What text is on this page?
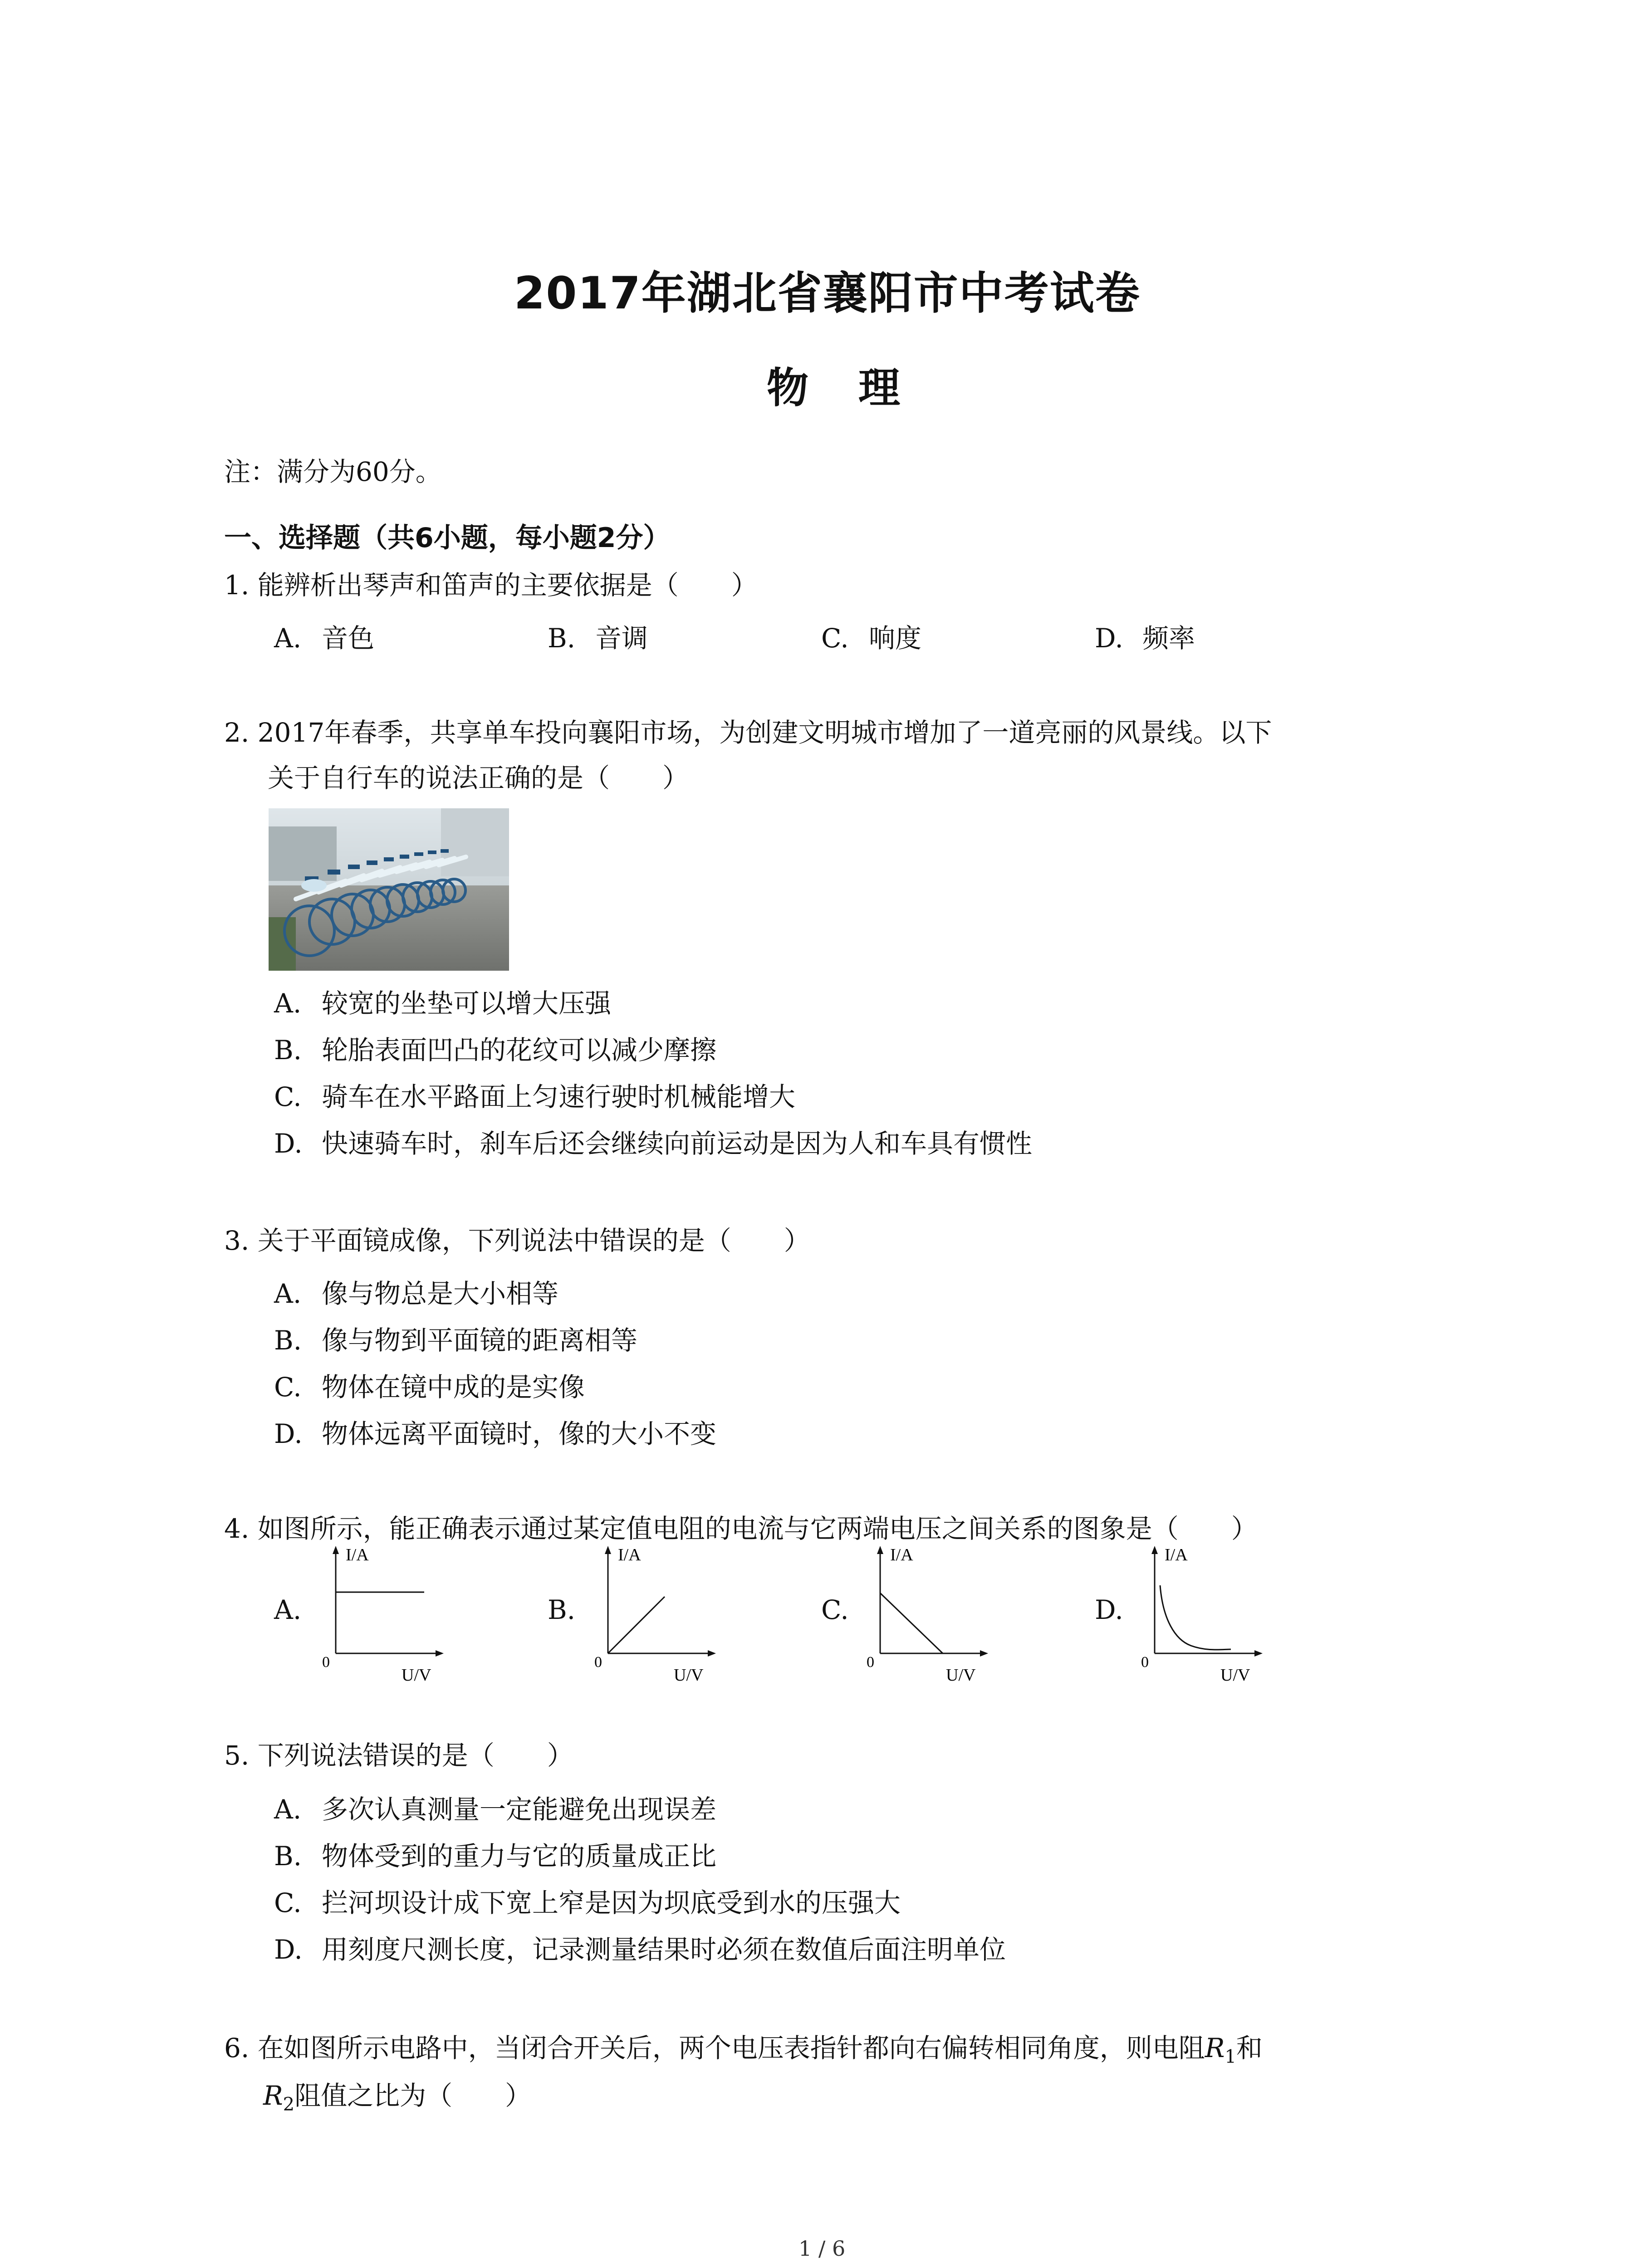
2017年湖北省襄阳市中考试卷
物理
注：满分为60分。
一、选择题（共6小题，每小题2分）
1. 能辨析出琴声和笛声的主要依据是（　　）
A. 音色	B. 音调	C. 响度	D. 频率
2. 2017年春季，共享单车投向襄阳市场，为创建文明城市增加了一道亮丽的风景线。以下
关于自行车的说法正确的是（　　）
A. 较宽的坐垫可以增大压强
B. 轮胎表面凹凸的花纹可以减少摩擦
C. 骑车在水平路面上匀速行驶时机械能增大
D. 快速骑车时，刹车后还会继续向前运动是因为人和车具有惯性
3. 关于平面镜成像，下列说法中错误的是（　　）
A. 像与物总是大小相等
B. 像与物到平面镜的距离相等
C. 物体在镜中成的是实像
D. 物体远离平面镜时，像的大小不变
4. 如图所示，能正确表示通过某定值电阻的电流与它两端电压之间关系的图象是（　　）
A.
I/A
0
U/V
B.
I/A
0
U/V
C.
I/A
0
U/V
D.
I/A
0
U/V
5. 下列说法错误的是（　　）
A. 多次认真测量一定能避免出现误差
B. 物体受到的重力与它的质量成正比
C. 拦河坝设计成下宽上窄是因为坝底受到水的压强大
D. 用刻度尺测长度，记录测量结果时必须在数值后面注明单位
6. 在如图所示电路中，当闭合开关后，两个电压表指针都向右偏转相同角度，则电阻$R_1$和
$R_2$阻值之比为（　　）
1 / 6
